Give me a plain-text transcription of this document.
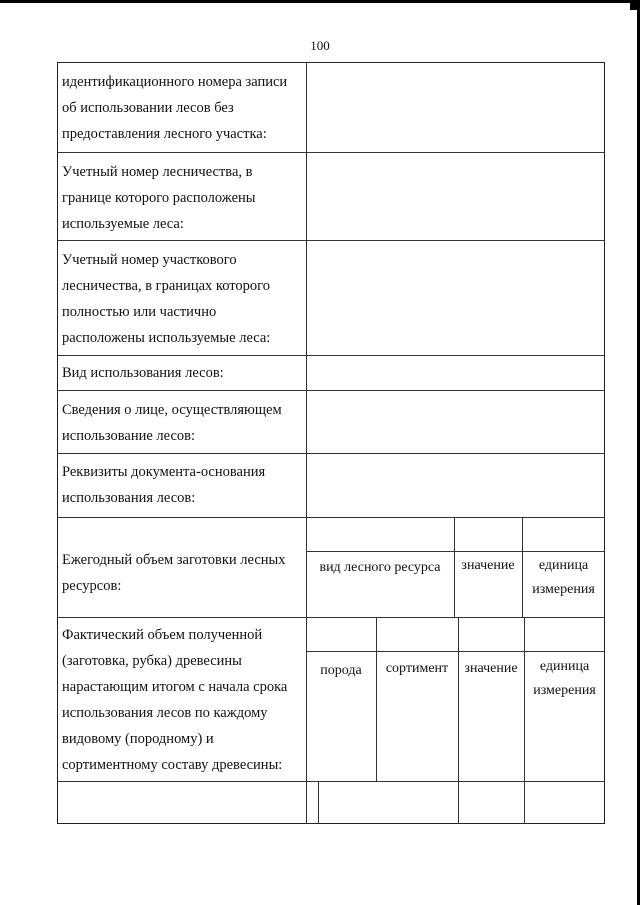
100
идентификационного номера записи
об использовании лесов без
предоставления лесного участка:
Учетный номер лесничества, в
границе которого расположены
используемые леса:
Учетный номер участкового
лесничества, в границах которого
полностью или частично
расположены используемые леса:
Вид использования лесов:
Сведения о лице, осуществляющем
использование лесов:
Реквизиты документа-основания
использования лесов:
Ежегодный объем заготовки лесных
ресурсов:
Фактический объем полученной
(заготовка, рубка) древесины
нарастающим итогом с начала срока
использования лесов по каждому
видовому (породному) и
сортиментному составу древесины:
вид лесного ресурса	значение	единица
измерения
порода	сортимент	значение	единица
измерения
